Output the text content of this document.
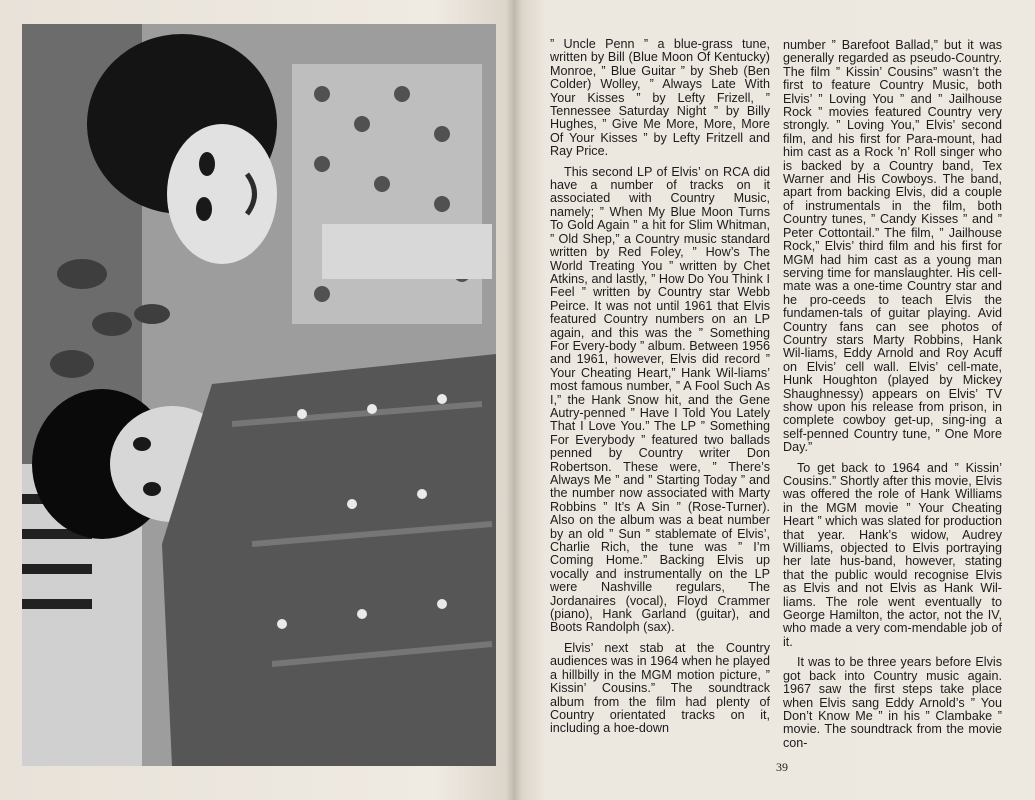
” Uncle Penn ” a blue-grass tune, written by Bill (Blue Moon Of Kentucky) Monroe, ” Blue Guitar ” by Sheb (Ben Colder) Wolley, ” Always Late With Your Kisses ” by Lefty Frizell, ” Tennessee Saturday Night ” by Billy Hughes, ” Give Me More, More, More Of Your Kisses ” by Lefty Fritzell and Ray Price.

This second LP of Elvis’ on RCA did have a number of tracks on it associated with Country Music, namely; ” When My Blue Moon Turns To Gold Again ” a hit for Slim Whitman, ” Old Shep,” a Country music standard written by Red Foley, ” How’s The World Treating You ” written by Chet Atkins, and lastly, ” How Do You Think I Feel ” written by Country star Webb Peirce. It was not until 1961 that Elvis featured Country numbers on an LP again, and this was the ” Something For Every-body ” album. Between 1956 and 1961, however, Elvis did record ” Your Cheating Heart,” Hank Wil-liams’ most famous number, ” A Fool Such As I,” the Hank Snow hit, and the Gene Autry-penned ” Have I Told You Lately That I Love You.” The LP ” Something For Everybody ” featured two ballads penned by Country writer Don Robertson. These were, ” There’s Always Me ” and ” Starting Today ” and the number now associated with Marty Robbins ” It’s A Sin ” (Rose-Turner). Also on the album was a beat number by an old ” Sun ” stablemate of Elvis’, Charlie Rich, the tune was ” I’m Coming Home.” Backing Elvis up vocally and instrumentally on the LP were Nashville regulars, The Jordanaires (vocal), Floyd Crammer (piano), Hank Garland (guitar), and Boots Randolph (sax).

Elvis’ next stab at the Country audiences was in 1964 when he played a hillbilly in the MGM motion picture, ” Kissin’ Cousins.” The soundtrack album from the film had plenty of Country orientated tracks on it, including a hoe-down

number ” Barefoot Ballad,” but it was generally regarded as pseudo-Country. The film ” Kissin’ Cousins” wasn’t the first to feature Country Music, both Elvis’ ” Loving You ” and ” Jailhouse Rock ” movies featured Country very strongly. ” Loving You,” Elvis’ second film, and his first for Para-mount, had him cast as a Rock ’n’ Roll singer who is backed by a Country band, Tex Warner and His Cowboys. The band, apart from backing Elvis, did a couple of instrumentals in the film, both Country tunes, ” Candy Kisses ” and ” Peter Cottontail.” The film, ” Jailhouse Rock,” Elvis’ third film and his first for MGM had him cast as a young man serving time for manslaughter. His cell-mate was a one-time Country star and he pro-ceeds to teach Elvis the fundamen-tals of guitar playing. Avid Country fans can see photos of Country stars Marty Robbins, Hank Wil-liams, Eddy Arnold and Roy Acuff on Elvis’ cell wall. Elvis’ cell-mate, Hunk Houghton (played by Mickey Shaughnessy) appears on Elvis’ TV show upon his release from prison, in complete cowboy get-up, sing-ing a self-penned Country tune, ” One More Day.”

To get back to 1964 and ” Kissin’ Cousins.” Shortly after this movie, Elvis was offered the role of Hank Williams in the MGM movie ” Your Cheating Heart ” which was slated for production that year. Hank’s widow, Audrey Williams, objected to Elvis portraying her late hus-band, however, stating that the public would recognise Elvis as Elvis and not Elvis as Hank Wil-liams. The role went eventually to George Hamilton, the actor, not the IV, who made a very com-mendable job of it.

It was to be three years before Elvis got back into Country music again. 1967 saw the first steps take place when Elvis sang Eddy Arnold’s ” You Don’t Know Me ” in his ” Clambake ” movie. The soundtrack from the movie con-

39
